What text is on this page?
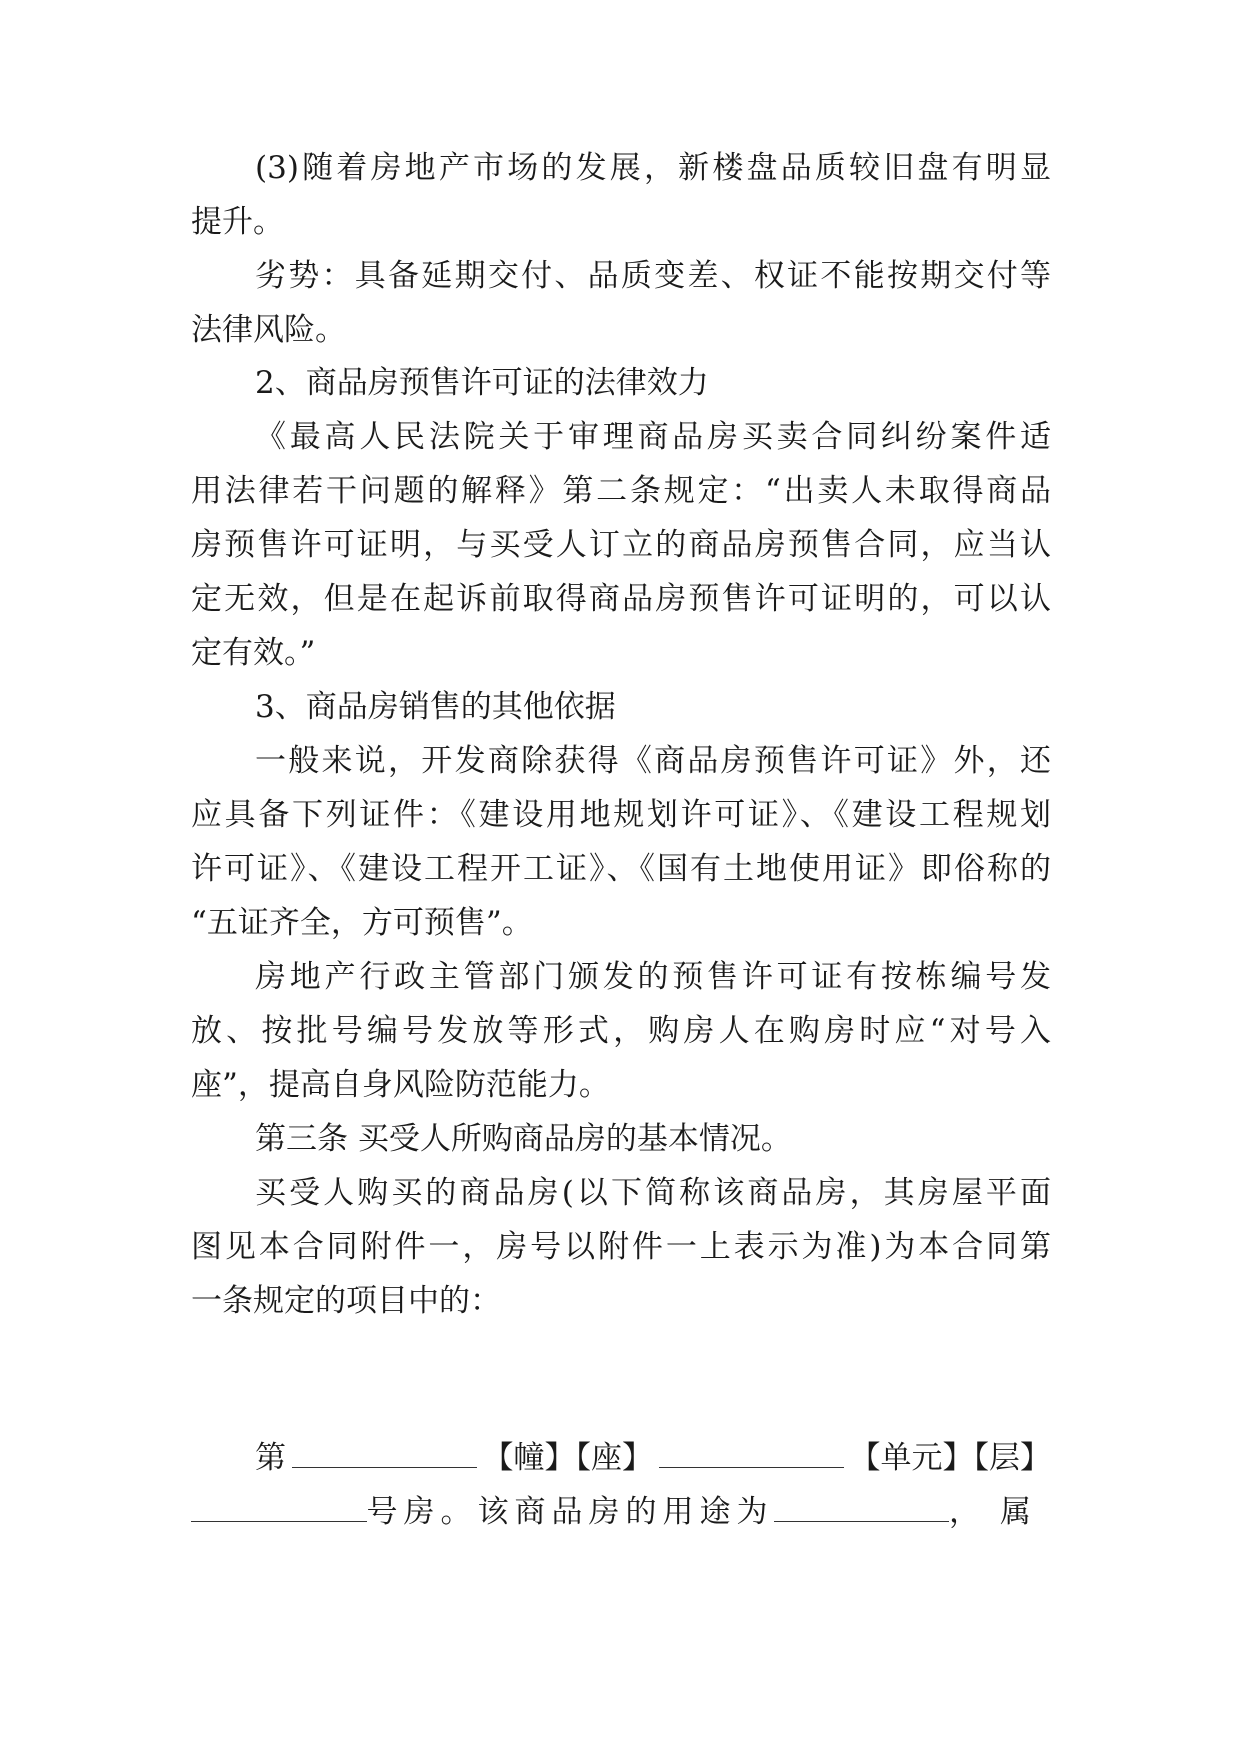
(3)随着房地产市场的发展，新楼盘品质较旧盘有明显
提升。
劣势：具备延期交付、品质变差、权证不能按期交付等
法律风险。
2、商品房预售许可证的法律效力
《最高人民法院关于审理商品房买卖合同纠纷案件适
用法律若干问题的解释》第二条规定：“出卖人未取得商品
房预售许可证明，与买受人订立的商品房预售合同，应当认
定无效，但是在起诉前取得商品房预售许可证明的，可以认
定有效。”
3、商品房销售的其他依据
一般来说，开发商除获得《商品房预售许可证》外，还
应具备下列证件：《建设用地规划许可证》、《建设工程规划
许可证》、《建设工程开工证》、《国有土地使用证》即俗称的
“五证齐全，方可预售”。
房地产行政主管部门颁发的预售许可证有按栋编号发
放、按批号编号发放等形式，购房人在购房时应“对号入
座”，提高自身风险防范能力。
第三条 买受人所购商品房的基本情况。
买受人购买的商品房(以下简称该商品房，其房屋平面
图见本合同附件一，房号以附件一上表示为准)为本合同第
一条规定的项目中的：
第	【幢】【座】	【单元】【层】
号房。该商品房的用途为	，属
